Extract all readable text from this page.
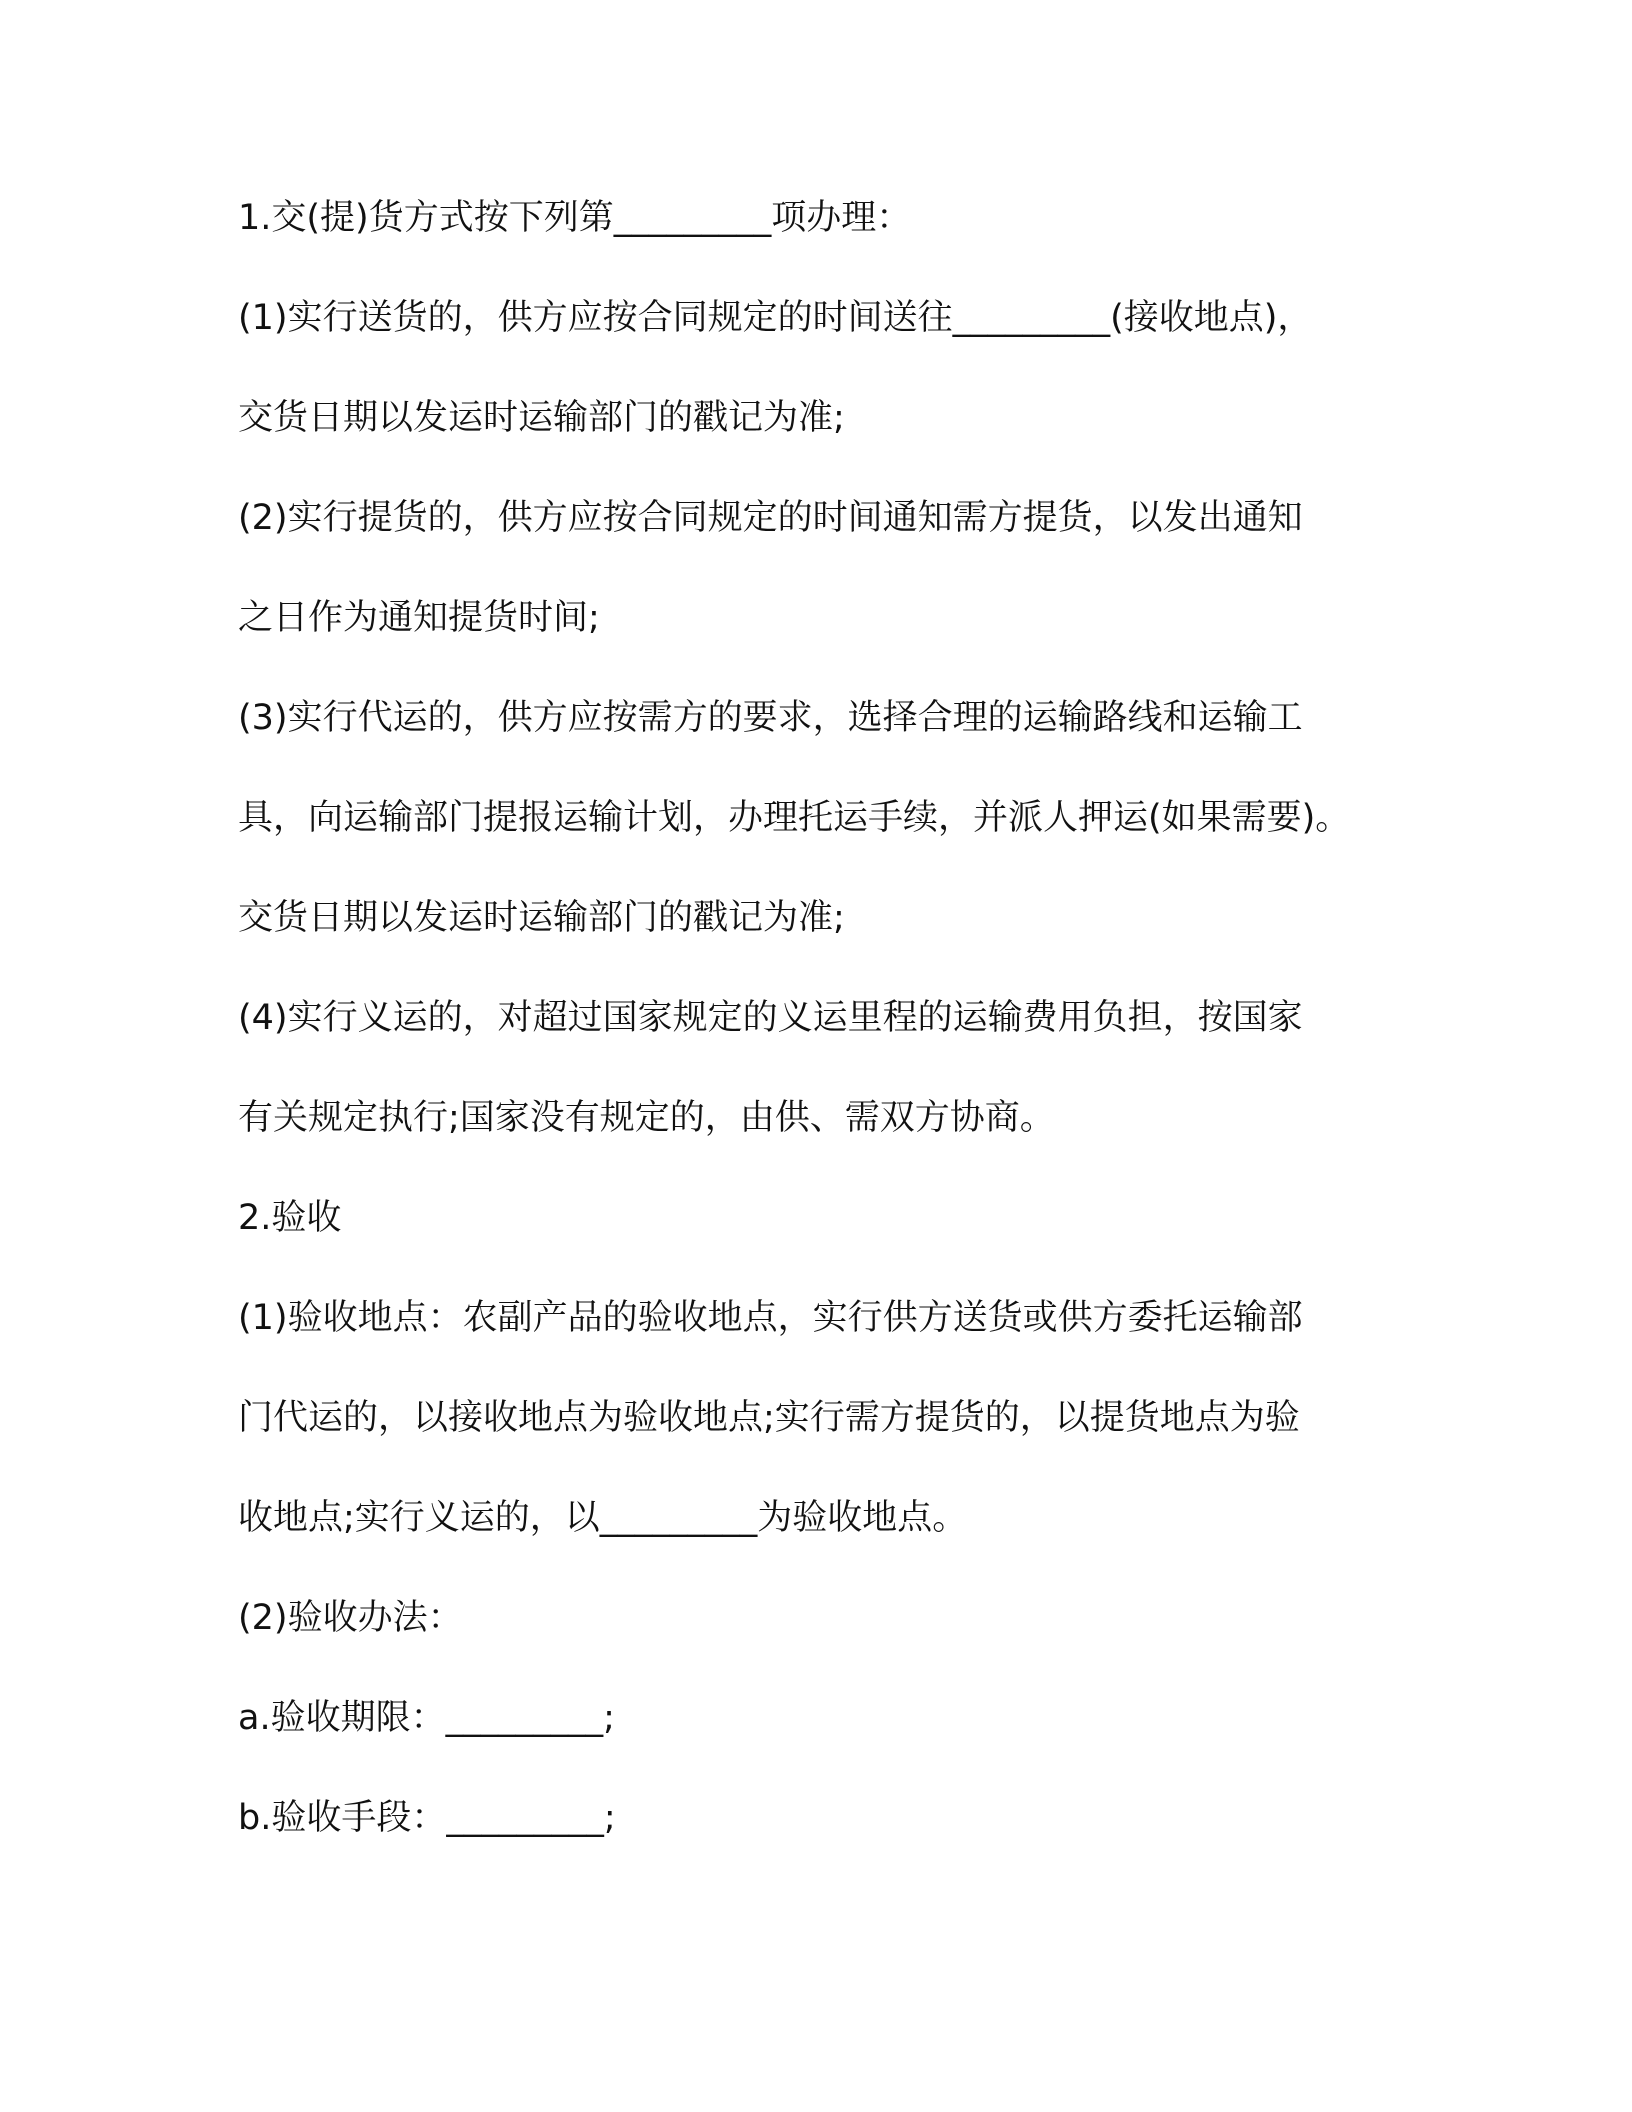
1.交(提)货方式按下列第_________项办理：
(1)实行送货的，供方应按合同规定的时间送往_________(接收地点)，
交货日期以发运时运输部门的戳记为准;
(2)实行提货的，供方应按合同规定的时间通知需方提货，以发出通知
之日作为通知提货时间;
(3)实行代运的，供方应按需方的要求，选择合理的运输路线和运输工
具，向运输部门提报运输计划，办理托运手续，并派人押运(如果需要)。
交货日期以发运时运输部门的戳记为准;
(4)实行义运的，对超过国家规定的义运里程的运输费用负担，按国家
有关规定执行;国家没有规定的，由供、需双方协商。
2.验收
(1)验收地点：农副产品的验收地点，实行供方送货或供方委托运输部
门代运的，以接收地点为验收地点;实行需方提货的，以提货地点为验
收地点;实行义运的，以_________为验收地点。
(2)验收办法：
a.验收期限：_________;
b.验收手段：_________;
